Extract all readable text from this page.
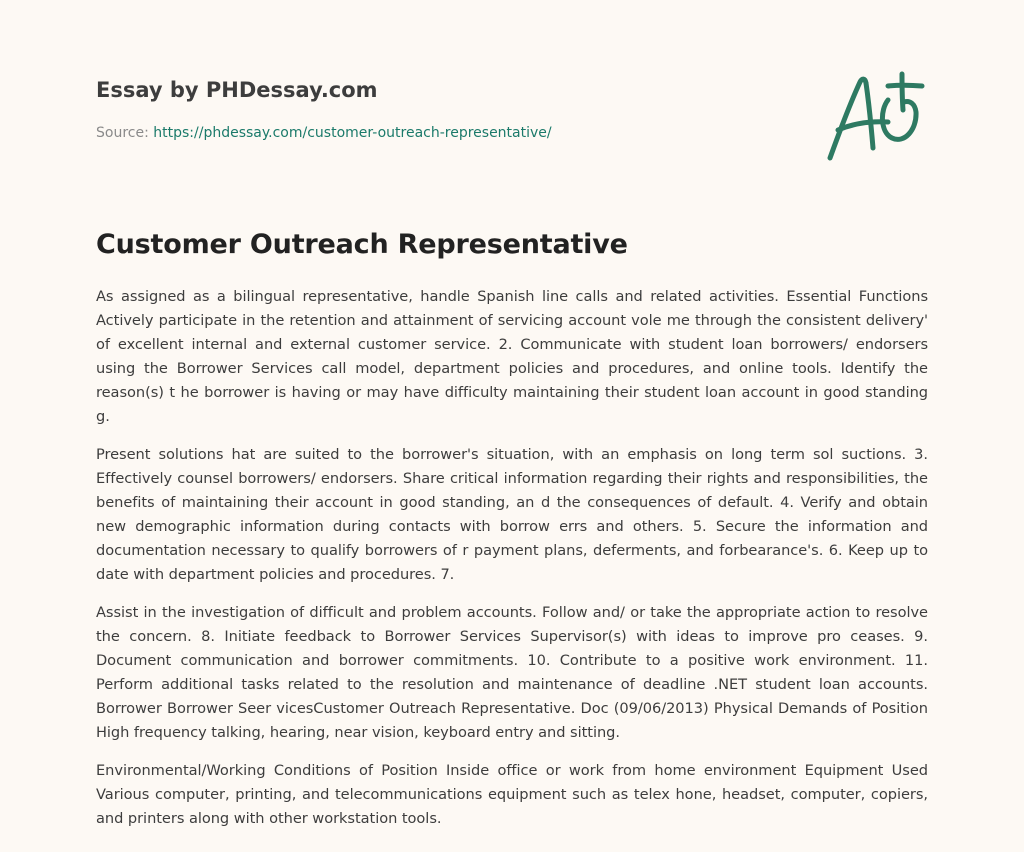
Essay by PHDessay.com
Source: https://phdessay.com/customer-outreach-representative/
Customer Outreach Representative

As assigned as a bilingual representative, handle Spanish line calls and related activities. Essential Functions Actively participate in the retention and attainment of servicing account vole me through the consistent delivery' of excellent internal and external customer service. 2. Communicate with student loan borrowers/ endorsers using the Borrower Services call model, department policies and procedures, and online tools. Identify the reason(s) t he borrower is having or may have difficulty maintaining their student loan account in good standing g.

Present solutions hat are suited to the borrower's situation, with an emphasis on long term sol suctions. 3. Effectively counsel borrowers/ endorsers. Share critical information regarding their rights and responsibilities, the benefits of maintaining their account in good standing, an d the consequences of default. 4. Verify and obtain new demographic information during contacts with borrow errs and others. 5. Secure the information and documentation necessary to qualify borrowers of r payment plans, deferments, and forbearance's. 6. Keep up to date with department policies and procedures. 7.

Assist in the investigation of difficult and problem accounts. Follow and/ or take the appropriate action to resolve the concern. 8. Initiate feedback to Borrower Services Supervisor(s) with ideas to improve pro ceases. 9. Document communication and borrower commitments. 10. Contribute to a positive work environment. 11. Perform additional tasks related to the resolution and maintenance of deadline .NET student loan accounts. Borrower Borrower Seer vicesCustomer Outreach Representative. Doc (09/06/2013) Physical Demands of Position High frequency talking, hearing, near vision, keyboard entry and sitting.

Environmental/Working Conditions of Position Inside office or work from home environment Equipment Used Various computer, printing, and telecommunications equipment such as telex hone, headset, computer, copiers, and printers along with other workstation tools.
